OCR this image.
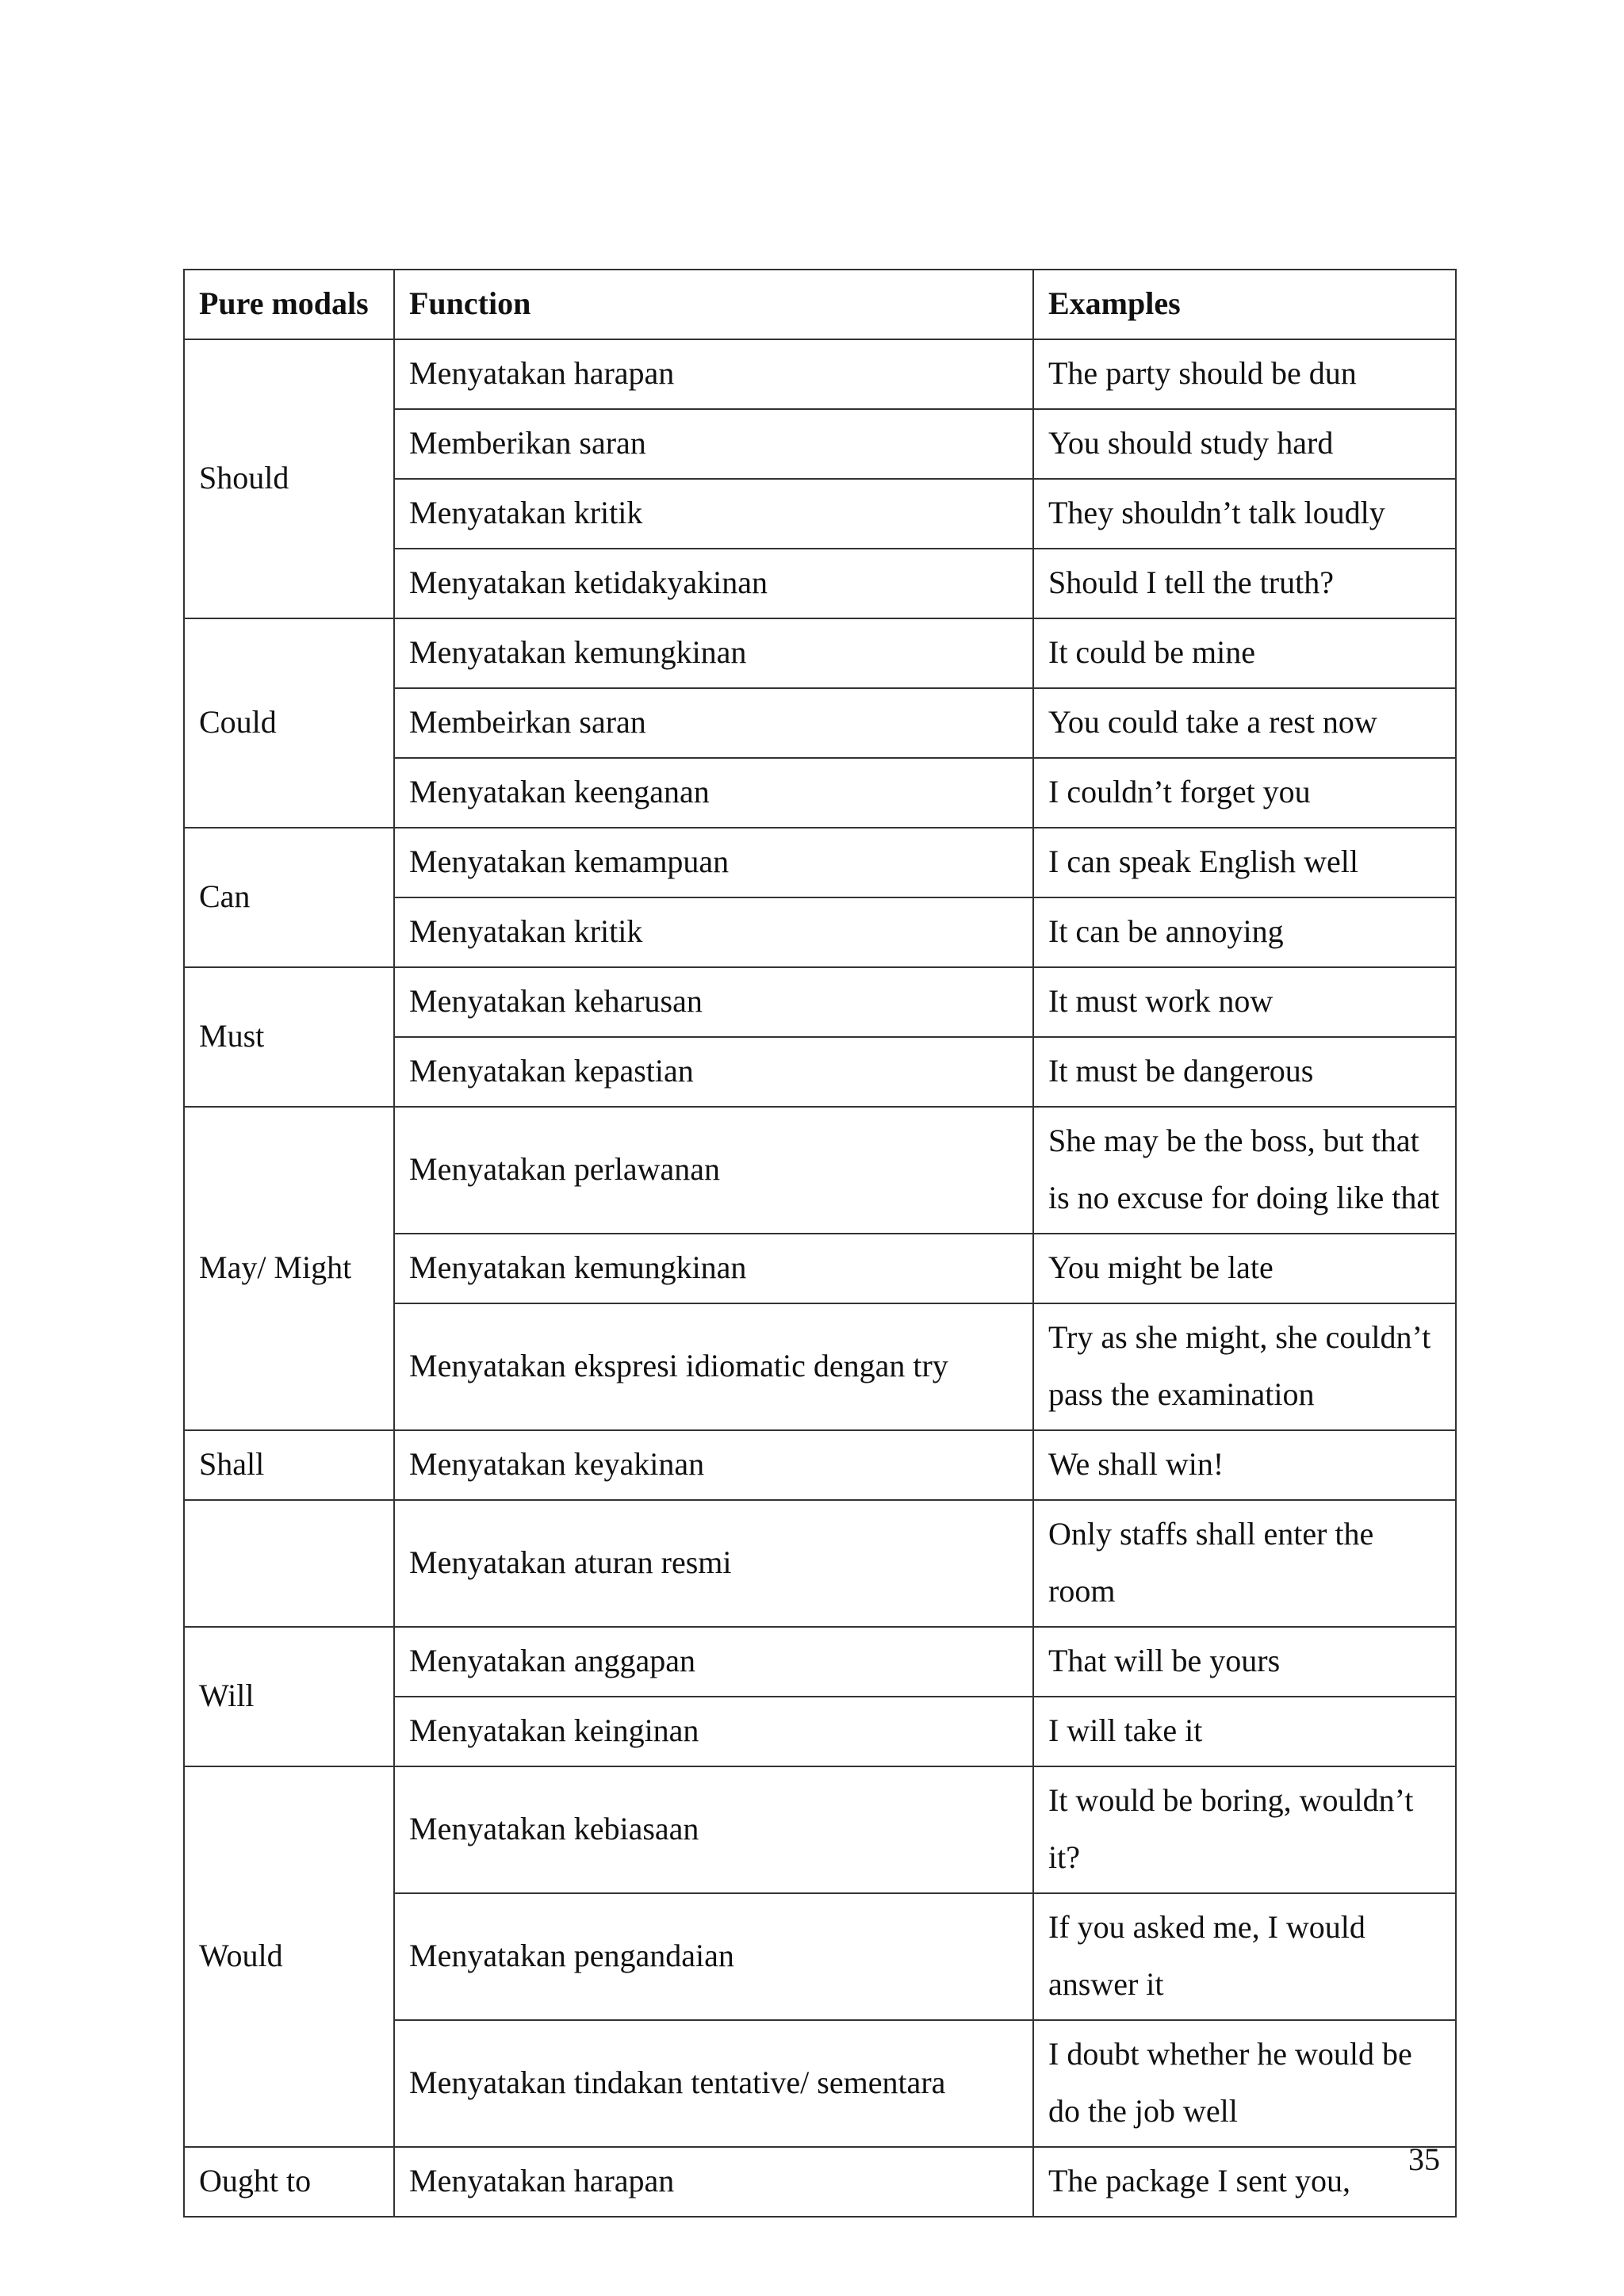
Pure modals	Function	Examples
Should	Menyatakan harapan	The party should be dun
	Memberikan saran	You should study hard
	Menyatakan kritik	They shouldn’t talk loudly
	Menyatakan ketidakyakinan	Should I tell the truth?
Could	Menyatakan kemungkinan	It could be mine
	Membeirkan saran	You could take a rest now
	Menyatakan keenganan	I couldn’t forget you
Can	Menyatakan kemampuan	I can speak English well
	Menyatakan kritik	It can be annoying
Must	Menyatakan keharusan	It must work now
	Menyatakan kepastian	It must be dangerous
May/ Might	Menyatakan perlawanan	She may be the boss, but that is no excuse for doing like that
	Menyatakan kemungkinan	You might be late
	Menyatakan ekspresi idiomatic dengan try	Try as she might, she couldn’t pass the examination
Shall	Menyatakan keyakinan	We shall win!
	Menyatakan aturan resmi	Only staffs shall enter the room
Will	Menyatakan anggapan	That will be yours
	Menyatakan keinginan	I will take it
Would	Menyatakan kebiasaan	It would be boring, wouldn’t it?
	Menyatakan pengandaian	If you asked me, I would answer it
	Menyatakan tindakan tentative/ sementara	I doubt whether he would be do the job well
Ought to	Menyatakan harapan	The package I sent you,
35
